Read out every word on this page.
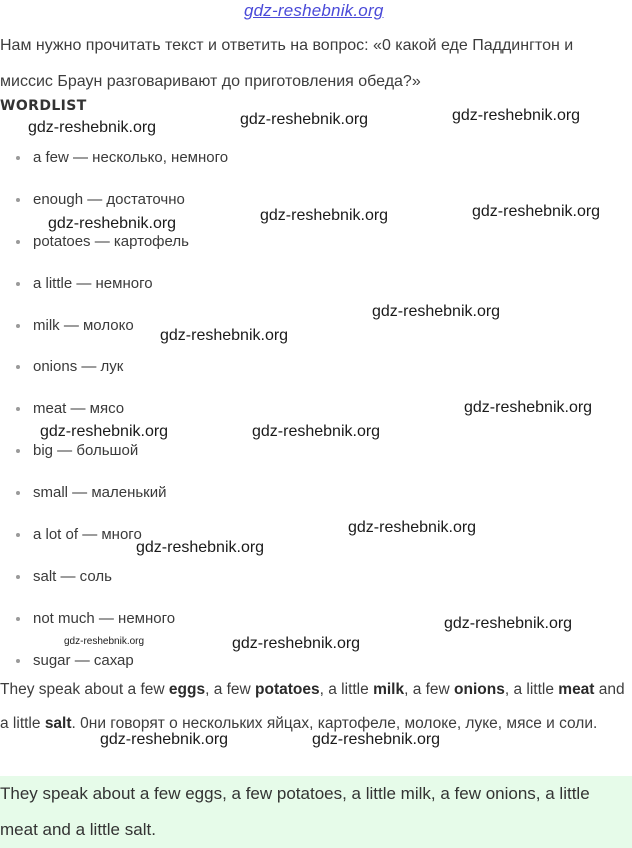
gdz-reshebnik.org
Нам нужно прочитать текст и ответить на вопрос: «0 какой еде Паддингтон и миссис Браун разговаривают до приготовления обеда?»
WORDLIST
a few — несколько, немного
enough — достаточно
potatoes — картофель
a little — немного
milk — молоко
onions — лук
meat — мясо
big — большой
small — маленький
a lot of — много
salt — соль
not much — немного
sugar — сахар
They speak about a few eggs, a few potatoes, a little milk, a few onions, a little meat and a little salt. 0ни говорят о нескольких яйцах, картофеле, молоке, луке, мясе и соли.
They speak about a few eggs, a few potatoes, a little milk, a few onions, a little meat and a little salt.
gdz-reshebnik.org	gdz-reshebnik.org	gdz-reshebnik.org
gdz-reshebnik.org	gdz-reshebnik.org	gdz-reshebnik.org
gdz-reshebnik.org
gdz-reshebnik.org
gdz-reshebnik.org
gdz-reshebnik.org	gdz-reshebnik.org
gdz-reshebnik.org
gdz-reshebnik.org
gdz-reshebnik.org
gdz-reshebnik.org	gdz-reshebnik.org
gdz-reshebnik.org	gdz-reshebnik.org
